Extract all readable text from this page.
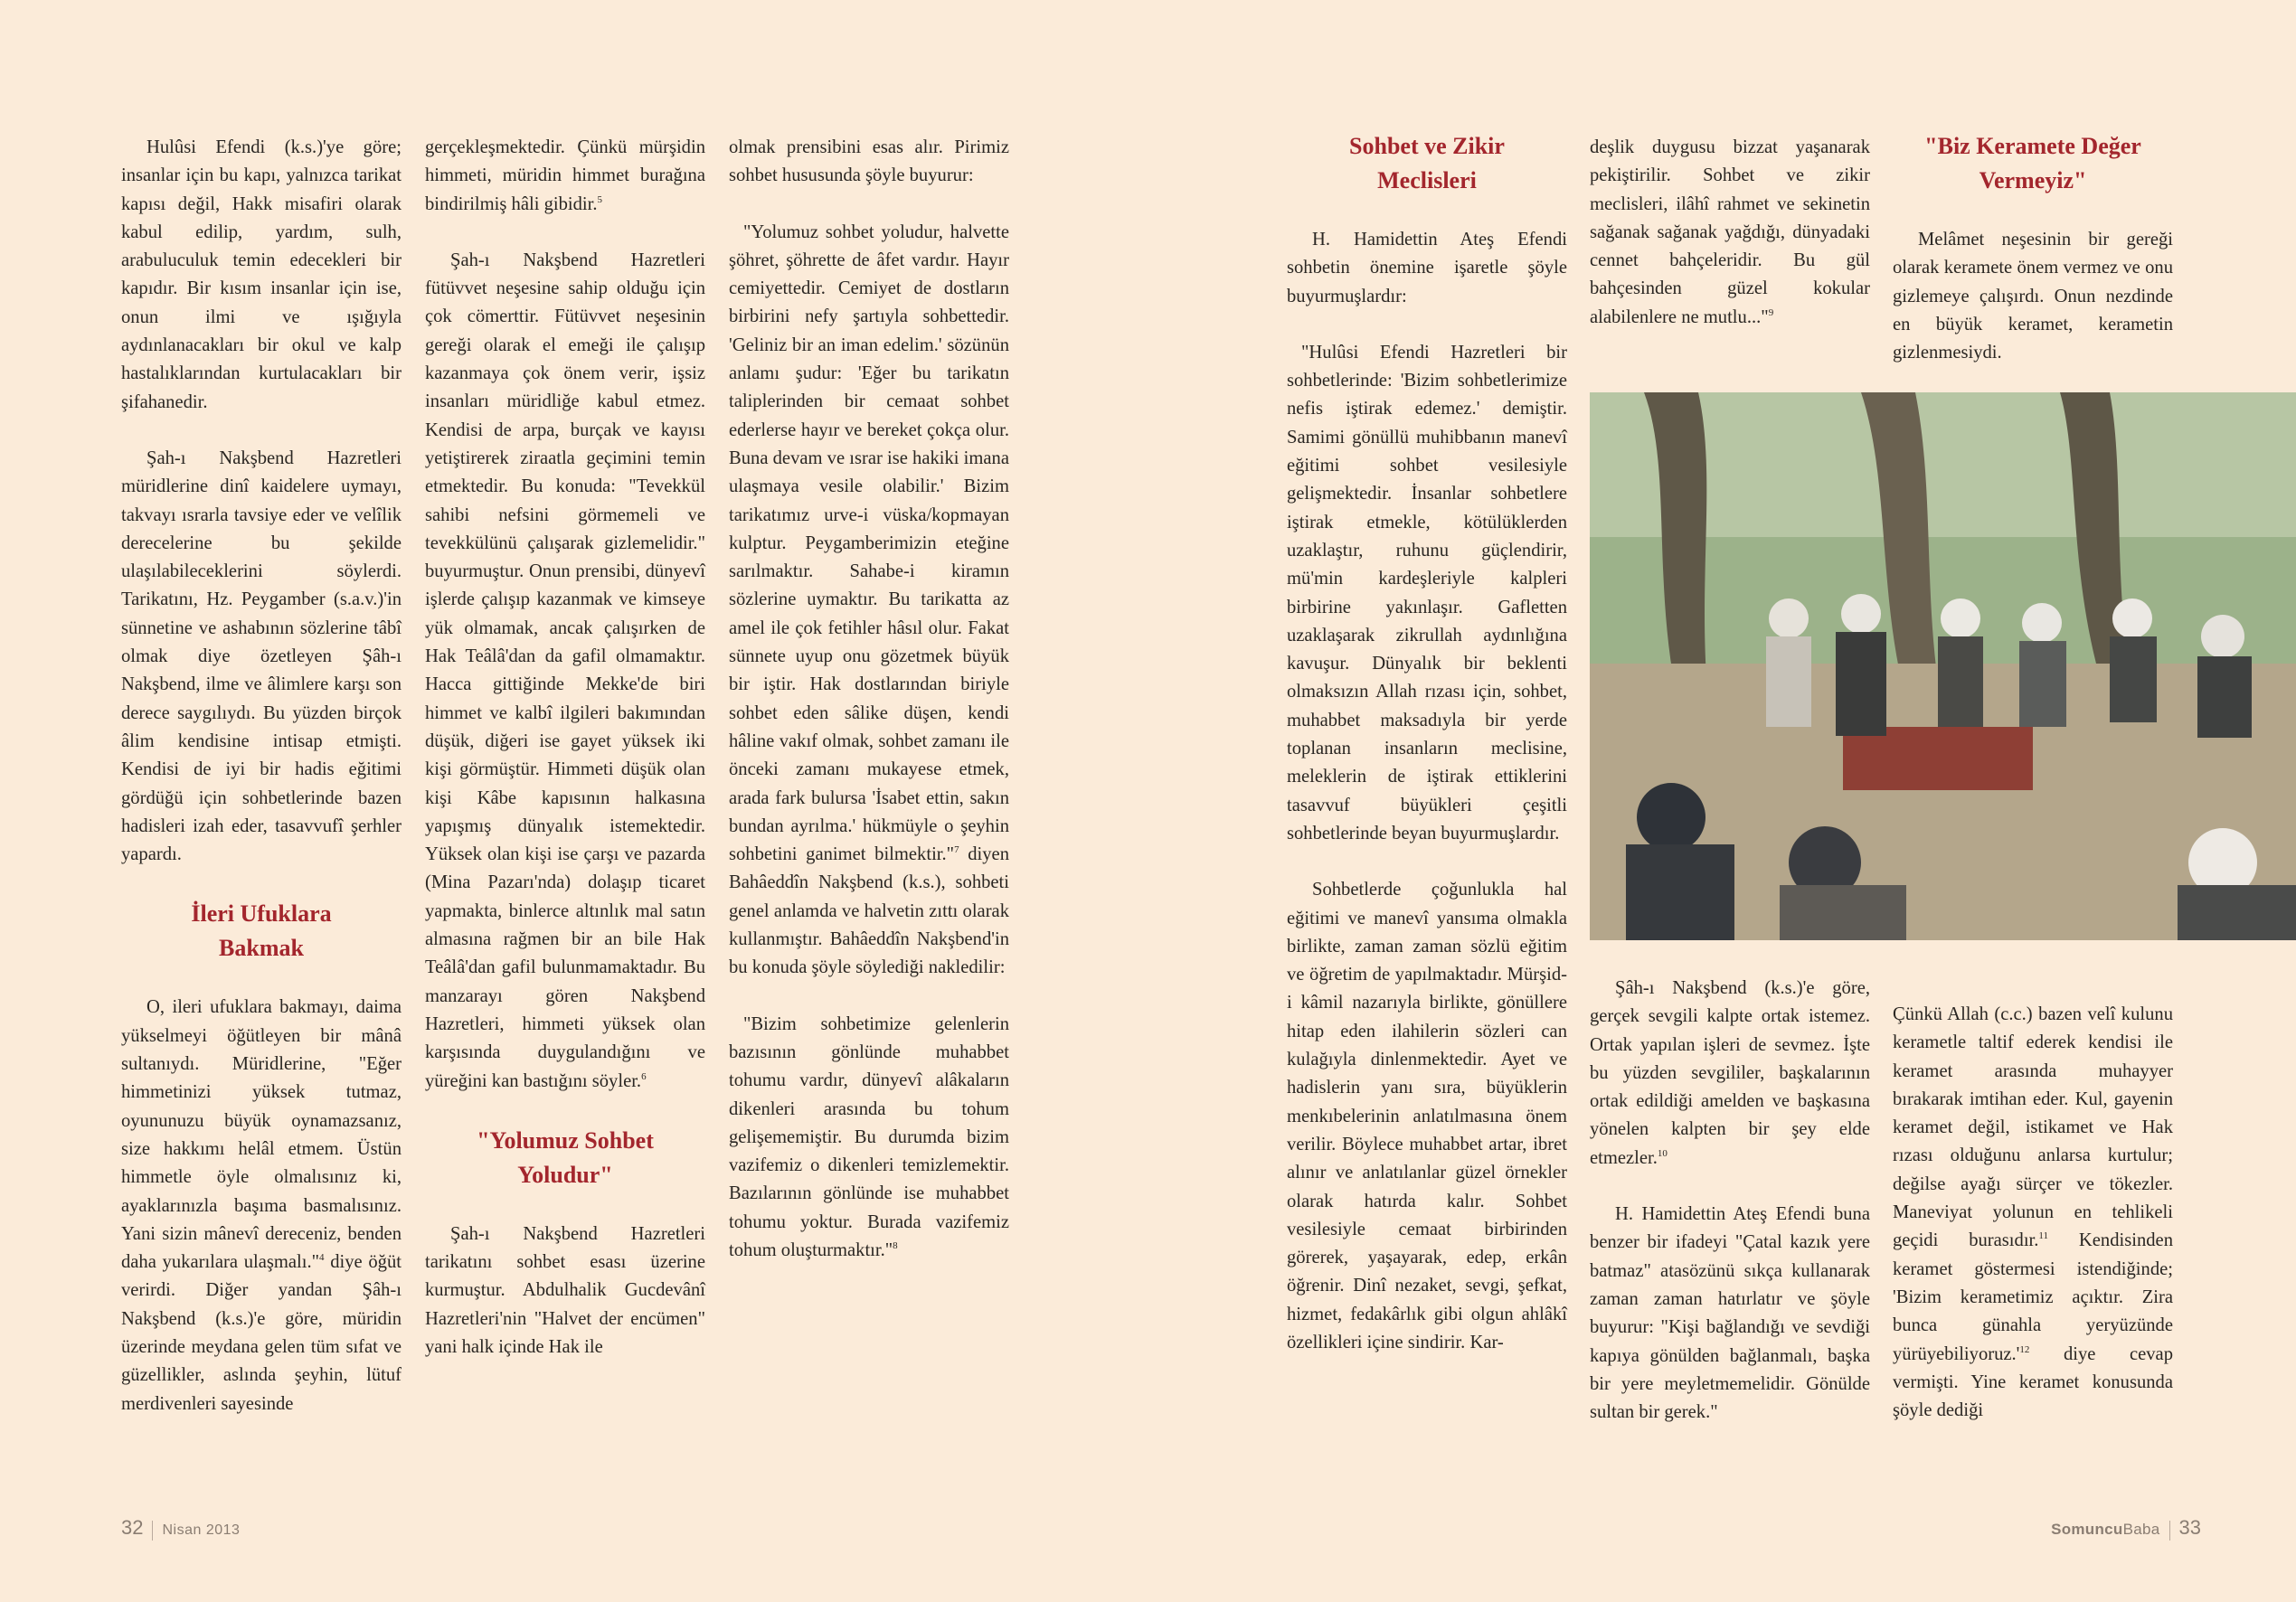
Hulûsi Efendi (k.s.)'ye göre; insanlar için bu kapı, yalnızca tarikat kapısı değil, Hakk misafiri olarak kabul edilip, yardım, sulh, arabuluculuk temin edecekleri bir kapıdır. Bir kısım insanlar için ise, onun ilmi ve ışığıyla aydınlanacakları bir okul ve kalp hastalıklarından kurtulacakları bir şifahanedir.

Şah-ı Nakşbend Hazretleri müridlerine dinî kaidelere uymayı, takvayı ısrarla tavsiye eder ve velîlik derecelerine bu şekilde ulaşılabileceklerini söylerdi. Tarikatını, Hz. Peygamber (s.a.v.)'in sünnetine ve ashabının sözlerine tâbî olmak diye özetleyen Şâh-ı Nakşbend, ilme ve âlimlere karşı son derece saygılıydı. Bu yüzden birçok âlim kendisine intisap etmişti. Kendisi de iyi bir hadis eğitimi gördüğü için sohbetlerinde bazen hadisleri izah eder, tasavvufî şerhler yapardı.

İleri Ufuklara
Bakmak

O, ileri ufuklara bakmayı, daima yükselmeyi öğütleyen bir mânâ sultanıydı. Müridlerine, "Eğer himmetinizi yüksek tutmaz, oyununuzu büyük oynamazsanız, size hakkımı helâl etmem. Üstün himmetle öyle olmalısınız ki, ayaklarınızla başıma basmalısınız. Yani sizin mânevî dereceniz, benden daha yukarılara ulaşmalı."$^4$ diye öğüt verirdi. Diğer yandan Şâh-ı Nakşbend (k.s.)'e göre, müridin üzerinde meydana gelen tüm sıfat ve güzellikler, aslında şeyhin, lütuf merdivenleri sayesinde

gerçekleşmektedir. Çünkü mürşidin himmeti, müridin himmet burağına bindirilmiş hâli gibidir.$^5$

Şah-ı Nakşbend Hazretleri fütüvvet neşesine sahip olduğu için çok cömerttir. Fütüvvet neşesinin gereği olarak el emeği ile çalışıp kazanmaya çok önem verir, işsiz insanları müridliğe kabul etmez. Kendisi de arpa, burçak ve kayısı yetiştirerek ziraatla geçimini temin etmektedir. Bu konuda: "Tevekkül sahibi nefsini görmemeli ve tevekkülünü çalışarak gizlemelidir." buyurmuştur. Onun prensibi, dünyevî işlerde çalışıp kazanmak ve kimseye yük olmamak, ancak çalışırken de Hak Teâlâ'dan da gafil olmamaktır. Hacca gittiğinde Mekke'de biri himmet ve kalbî ilgileri bakımından düşük, diğeri ise gayet yüksek iki kişi görmüştür. Himmeti düşük olan kişi Kâbe kapısının halkasına yapışmış dünyalık istemektedir. Yüksek olan kişi ise çarşı ve pazarda (Mina Pazarı'nda) dolaşıp ticaret yapmakta, binlerce altınlık mal satın almasına rağmen bir an bile Hak Teâlâ'dan gafil bulunmamaktadır. Bu manzarayı gören Nakşbend Hazretleri, himmeti yüksek olan karşısında duygulandığını ve yüreğini kan bastığını söyler.$^6$

"Yolumuz Sohbet
Yoludur"

Şah-ı Nakşbend Hazretleri tarikatını sohbet esası üzerine kurmuştur. Abdulhalik Gucdevânî Hazretleri'nin "Halvet der encümen" yani halk içinde Hak ile

olmak prensibini esas alır. Pirimiz sohbet hususunda şöyle buyurur:

"Yolumuz sohbet yoludur, halvette şöhret, şöhrette de âfet vardır. Hayır cemiyettedir. Cemiyet de dostların birbirini nefy şartıyla sohbettedir. 'Geliniz bir an iman edelim.' sözünün anlamı şudur: 'Eğer bu tarikatın taliplerinden bir cemaat sohbet ederlerse hayır ve bereket çokça olur. Buna devam ve ısrar ise hakiki imana ulaşmaya vesile olabilir.' Bizim tarikatımız urve-i vüska/kopmayan kulptur. Peygamberimizin eteğine sarılmaktır. Sahabe-i kiramın sözlerine uymaktır. Bu tarikatta az amel ile çok fetihler hâsıl olur. Fakat sünnete uyup onu gözetmek büyük bir iştir. Hak dostlarından biriyle sohbet eden sâlike düşen, kendi hâline vakıf olmak, sohbet zamanı ile önceki zamanı mukayese etmek, arada fark bulursa 'İsabet ettin, sakın bundan ayrılma.' hükmüyle o şeyhin sohbetini ganimet bilmektir."$^7$ diyen Bahâeddîn Nakşbend (k.s.), sohbeti genel anlamda ve halvetin zıttı olarak kullanmıştır. Bahâeddîn Nakşbend'in bu konuda şöyle söylediği nakledilir:

"Bizim sohbetimize gelenlerin bazısının gönlünde muhabbet tohumu vardır, dünyevî alâkaların dikenleri arasında bu tohum gelişememiştir. Bu durumda bizim vazifemiz o dikenleri temizlemektir. Bazılarının gönlünde ise muhabbet tohumu yoktur. Burada vazifemiz tohum oluşturmaktır."$^8$

32 Nisan 2013
Sohbet ve Zikir
Meclisleri

H. Hamidettin Ateş Efendi sohbetin önemine işaretle şöyle buyurmuşlardır:

"Hulûsi Efendi Hazretleri bir sohbetlerinde: 'Bizim sohbetlerimize nefis iştirak edemez.' demiştir. Samimi gönüllü muhibbanın manevî eğitimi sohbet vesilesiyle gelişmektedir. İnsanlar sohbetlere iştirak etmekle, kötülüklerden uzaklaştır, ruhunu güçlendirir, mü'min kardeşleriyle kalpleri birbirine yakınlaşır. Gafletten uzaklaşarak zikrullah aydınlığına kavuşur. Dünyalık bir beklenti olmaksızın Allah rızası için, sohbet, muhabbet maksadıyla bir yerde toplanan insanların meclisine, meleklerin de iştirak ettiklerini tasavvuf büyükleri çeşitli sohbetlerinde beyan buyurmuşlardır.

Sohbetlerde çoğunlukla hal eğitimi ve manevî yansıma olmakla birlikte, zaman zaman sözlü eğitim ve öğretim de yapılmaktadır. Mürşid-i kâmil nazarıyla birlikte, gönüllere hitap eden ilahilerin sözleri can kulağıyla dinlenmektedir. Ayet ve hadislerin yanı sıra, büyüklerin menkıbelerinin anlatılmasına önem verilir. Böylece muhabbet artar, ibret alınır ve anlatılanlar güzel örnekler olarak hatırda kalır. Sohbet vesilesiyle cemaat birbirinden görerek, yaşayarak, edep, erkân öğrenir. Dinî nezaket, sevgi, şefkat, hizmet, fedakârlık gibi olgun ahlâkî özellikleri içine sindirir. Kar-

deşlik duygusu bizzat yaşanarak pekiştirilir. Sohbet ve zikir meclisleri, ilâhî rahmet ve sekinetin sağanak sağanak yağdığı, dünyadaki cennet bahçeleridir. Bu gül bahçesinden güzel kokular alabilenlere ne mutlu..."$^9$

"Biz Keramete Değer
Vermeyiz"

Melâmet neşesinin bir gereği olarak keramete önem vermez ve onu gizlemeye çalışırdı. Onun nezdinde en büyük keramet, kerametin gizlenmesiydi.

Şâh-ı Nakşbend (k.s.)'e göre, gerçek sevgili kalpte ortak istemez. Ortak yapılan işleri de sevmez. İşte bu yüzden sevgililer, başkalarının ortak edildiği amelden ve başkasına yönelen kalpten bir şey elde etmezler.$^{10}$

H. Hamidettin Ateş Efendi buna benzer bir ifadeyi "Çatal kazık yere batmaz" atasözünü sıkça kullanarak zaman zaman hatırlatır ve şöyle buyurur: "Kişi bağlandığı ve sevdiği kapıya gönülden bağlanmalı, başka bir yere meyletmemelidir. Gönülde sultan bir gerek."

Çünkü Allah (c.c.) bazen velî kulunu kerametle taltif ederek kendisi ile keramet arasında muhayyer bırakarak imtihan eder. Kul, gayenin keramet değil, istikamet ve Hak rızası olduğunu anlarsa kurtulur; değilse ayağı sürçer ve tökezler. Maneviyat yolunun en tehlikeli geçidi burasıdır.$^{11}$ Kendisinden keramet göstermesi istendiğinde; 'Bizim kerametimiz açıktır. Zira bunca günahla yeryüzünde $yürüyebiliyoruz.'^{12}$ diye cevap vermişti. Yine keramet konusunda şöyle dediği

SomuncuBaba 33
